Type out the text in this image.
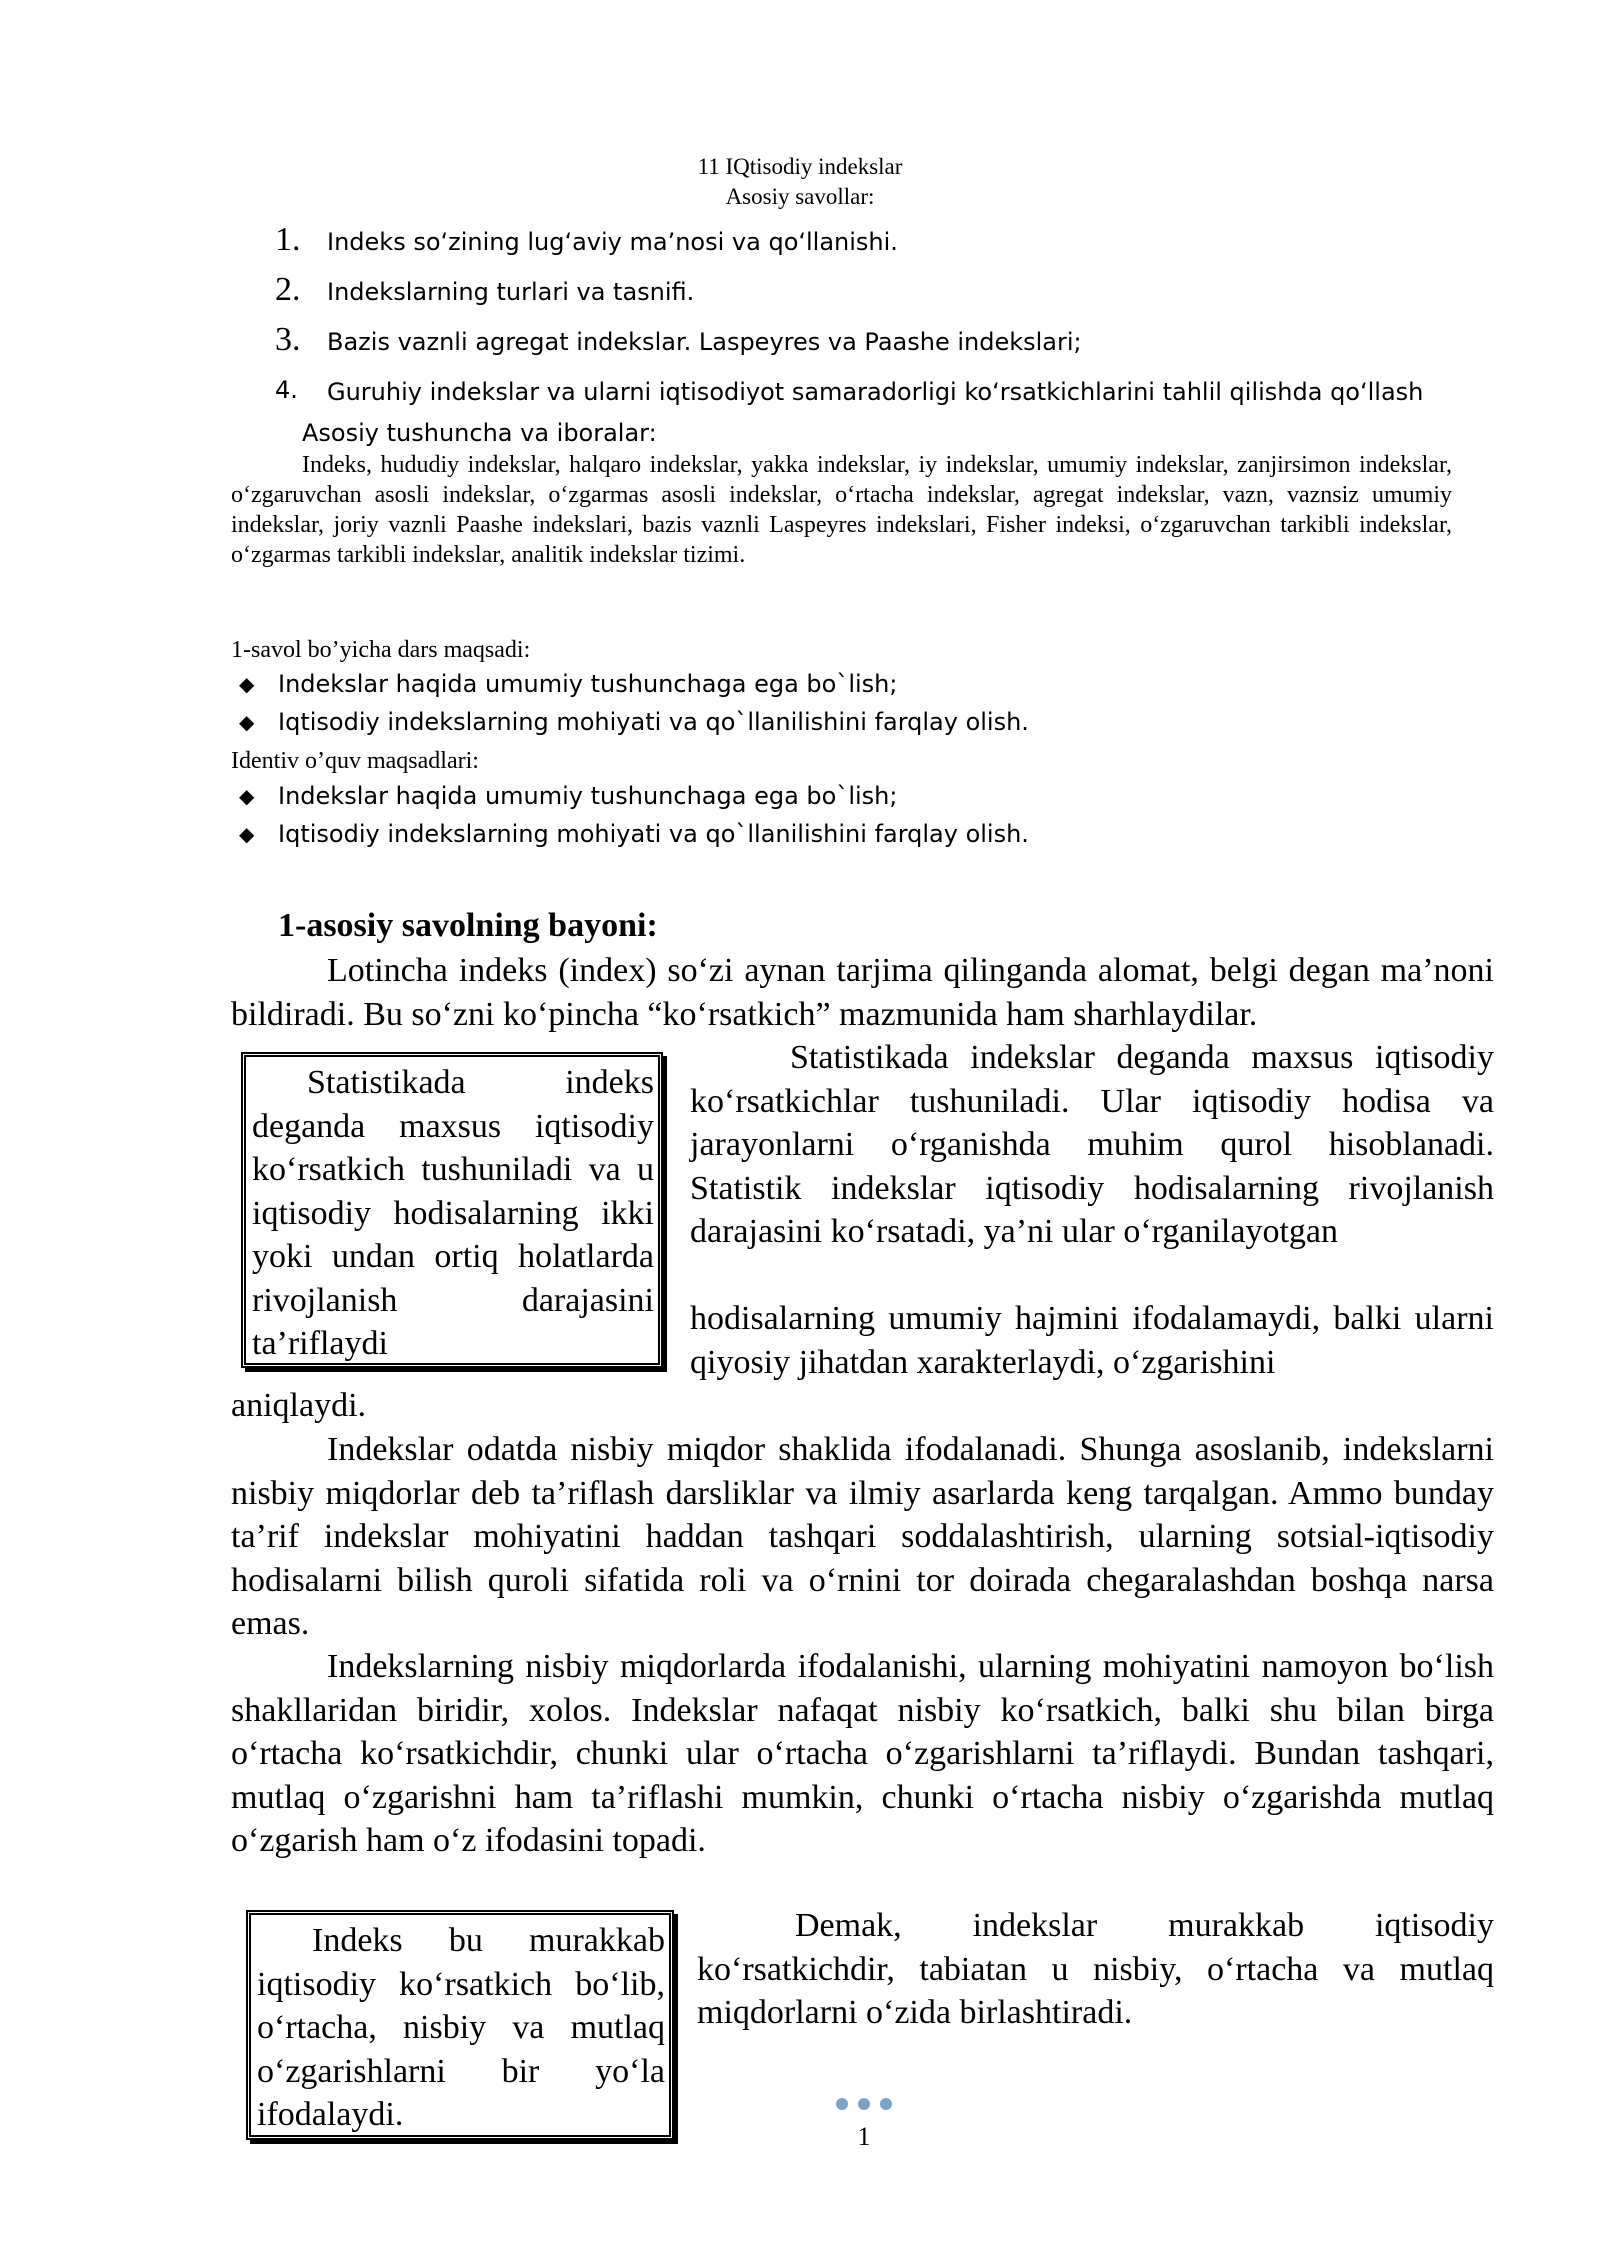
11 IQtisodiy indekslar
Asosiy savollar:
1. Indeks so‘zining lug‘aviy ma’nosi va qo‘llanishi.
2. Indekslarning turlari va tasnifi.
3. Bazis vaznli agregat indekslar. Laspeyres va Paashe indekslari;
4. Guruhiy indekslar va ularni iqtisodiyot samaradorligi ko‘rsatkichlarini tahlil qilishda qo‘llash
Asosiy tushuncha va iboralar:
Indeks, hududiy indekslar, halqaro indekslar, yakka indekslar, iy indekslar, umumiy indekslar, zanjirsimon indekslar, o‘zgaruvchan asosli indekslar, o‘zgarmas asosli indekslar, o‘rtacha indekslar, agregat indekslar, vazn, vaznsiz umumiy indekslar, joriy vaznli Paashe indekslari, bazis vaznli Laspeyres indekslari, Fisher indeksi, o‘zgaruvchan tarkibli indekslar, o‘zgarmas tarkibli indekslar, analitik indekslar tizimi.
1-savol bo’yicha dars maqsadi:
◆ Indekslar haqida umumiy tushunchaga ega bo`lish;
◆ Iqtisodiy indekslarning mohiyati va qo`llanilishini farqlay olish.
Identiv o’quv maqsadlari:
◆ Indekslar haqida umumiy tushunchaga ega bo`lish;
◆ Iqtisodiy indekslarning mohiyati va qo`llanilishini farqlay olish.
1-asosiy savolning bayoni:
Lotincha indeks (index) so‘zi aynan tarjima qilinganda alomat, belgi degan ma’noni bildiradi. Bu so‘zni ko‘pincha “ko‘rsatkich” mazmunida ham sharhlaydilar.
Statistikada indeks deganda maxsus iqtisodiy ko‘rsatkich tushuniladi va u iqtisodiy hodisalarning ikki yoki undan ortiq holatlarda rivojlanish darajasini ta’riflaydi
Statistikada indekslar deganda maxsus iqtisodiy ko‘rsatkichlar tushuniladi. Ular iqtisodiy hodisa va jarayonlarni o‘rganishda muhim qurol hisoblanadi. Statistik indekslar iqtisodiy hodisalarning rivojlanish darajasini ko‘rsatadi, ya’ni ular o‘rganilayotgan
hodisalarning umumiy hajmini ifodalamaydi, balki ularni qiyosiy jihatdan xarakterlaydi, o‘zgarishini
aniqlaydi.
Indekslar odatda nisbiy miqdor shaklida ifodalanadi. Shunga asoslanib, indekslarni nisbiy miqdorlar deb ta’riflash darsliklar va ilmiy asarlarda keng tarqalgan. Ammo bunday ta’rif indekslar mohiyatini haddan tashqari soddalashtirish, ularning sotsial-iqtisodiy hodisalarni bilish quroli sifatida roli va o‘rnini tor doirada chegaralashdan boshqa narsa emas.
Indekslarning nisbiy miqdorlarda ifodalanishi, ularning mohiyatini namoyon bo‘lish shakllaridan biridir, xolos. Indekslar nafaqat nisbiy ko‘rsatkich, balki shu bilan birga o‘rtacha ko‘rsatkichdir, chunki ular o‘rtacha o‘zgarishlarni ta’riflaydi. Bundan tashqari, mutlaq o‘zgarishni ham ta’riflashi mumkin, chunki o‘rtacha nisbiy o‘zgarishda mutlaq o‘zgarish ham o‘z ifodasini topadi.
Indeks bu murakkab iqtisodiy ko‘rsatkich bo‘lib, o‘rtacha, nisbiy va mutlaq o‘zgarishlarni bir yo‘la ifodalaydi.
Demak, indekslar murakkab iqtisodiy ko‘rsatkichdir, tabiatan u nisbiy, o‘rtacha va mutlaq miqdorlarni o‘zida birlashtiradi.
1
